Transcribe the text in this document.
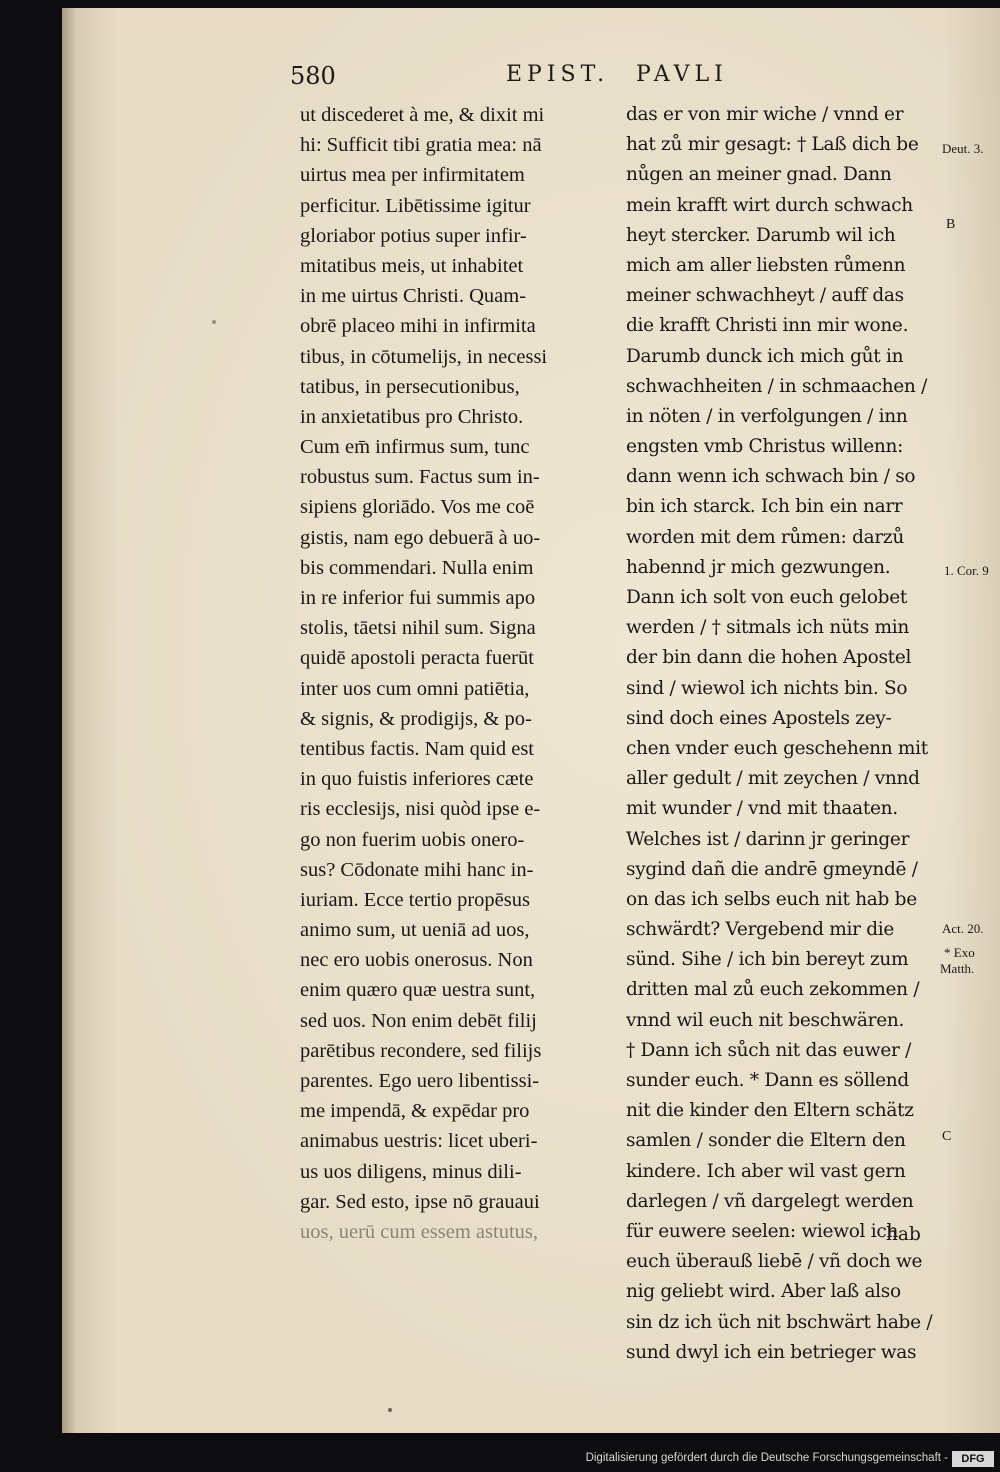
580	EPIST. PAVLI
ut discederet à me, & dixit mi
hi: Sufficit tibi gratia mea: nā
uirtus mea per infirmitatem
perficitur. Libētissime igitur
gloriabor potius super infir-
mitatibus meis, ut inhabitet
in me uirtus Christi. Quam-
obrē placeo mihi in infirmita
tibus, in cōtumelijs, in necessi
tatibus, in persecutionibus,
in anxietatibus pro Christo.
Cum em̄ infirmus sum, tunc
robustus sum. Factus sum in-
sipiens gloriādo. Vos me coē
gistis, nam ego debuerā à uo-
bis commendari. Nulla enim
in re inferior fui summis apo
stolis, tāetsi nihil sum. Signa
quidē apostoli peracta fuerūt
inter uos cum omni patiētia,
& signis, & prodigijs, & po-
tentibus factis. Nam quid est
in quo fuistis inferiores cæte
ris ecclesijs, nisi quòd ipse e-
go non fuerim uobis onero-
sus? Cōdonate mihi hanc in-
iuriam. Ecce tertio propēsus
animo sum, ut ueniā ad uos,
nec ero uobis onerosus. Non
enim quæro quæ uestra sunt,
sed uos. Non enim debēt filij
parētibus recondere, sed filijs
parentes. Ego uero libentissi-
me impendā, & expēdar pro
animabus uestris: licet uberi-
us uos diligens, minus dili-
gar. Sed esto, ipse nō grauaui
uos, uerū cum essem astutus,
das er von mir wiche / vnnd er
hat zů mir gesagt: † Laß dich be
nůgen an meiner gnad. Dann
mein krafft wirt durch schwach
heyt stercker. Darumb wil ich
mich am aller liebsten růmenn
meiner schwachheyt / auff das
die krafft Christi inn mir wone.
Darumb dunck ich mich gůt in
schwachheiten / in schmaachen /
in nöten / in verfolgungen / inn
engsten vmb Christus willenn:
dann wenn ich schwach bin / so
bin ich starck. Ich bin ein narr
worden mit dem růmen: darzů
habennd jr mich gezwungen.
Dann ich solt von euch gelobet
werden / † sitmals ich nüts min
der bin dann die hohen Apostel
sind / wiewol ich nichts bin. So
sind doch eines Apostels zey-
chen vnder euch geschehenn mit
aller gedult / mit zeychen / vnnd
mit wunder / vnd mit thaaten.
Welches ist / darinn jr geringer
sygind dañ die andrē gmeyndē /
on das ich selbs euch nit hab be
schwärdt? Vergebend mir die
sünd. Sihe / ich bin bereyt zum
dritten mal zů euch zekommen /
vnnd wil euch nit beschwären.
† Dann ich sůch nit das euwer /
sunder euch. * Dann es söllend
nit die kinder den Eltern schätz
samlen / sonder die Eltern den
kindere. Ich aber wil vast gern
darlegen / vñ dargelegt werden
für euwere seelen: wiewol ich
euch überauß liebē / vñ doch we
nig geliebt wird. Aber laß also
sin dz ich üch nit bschwärt habe /
sund dwyl ich ein betrieger was
Deut. 3.
B
1. Cor. 9
Act. 20.
* Exo
Matth.
C
hab
Digitalisierung gefördert durch die Deutsche Forschungsgemeinschaft -	DFG
